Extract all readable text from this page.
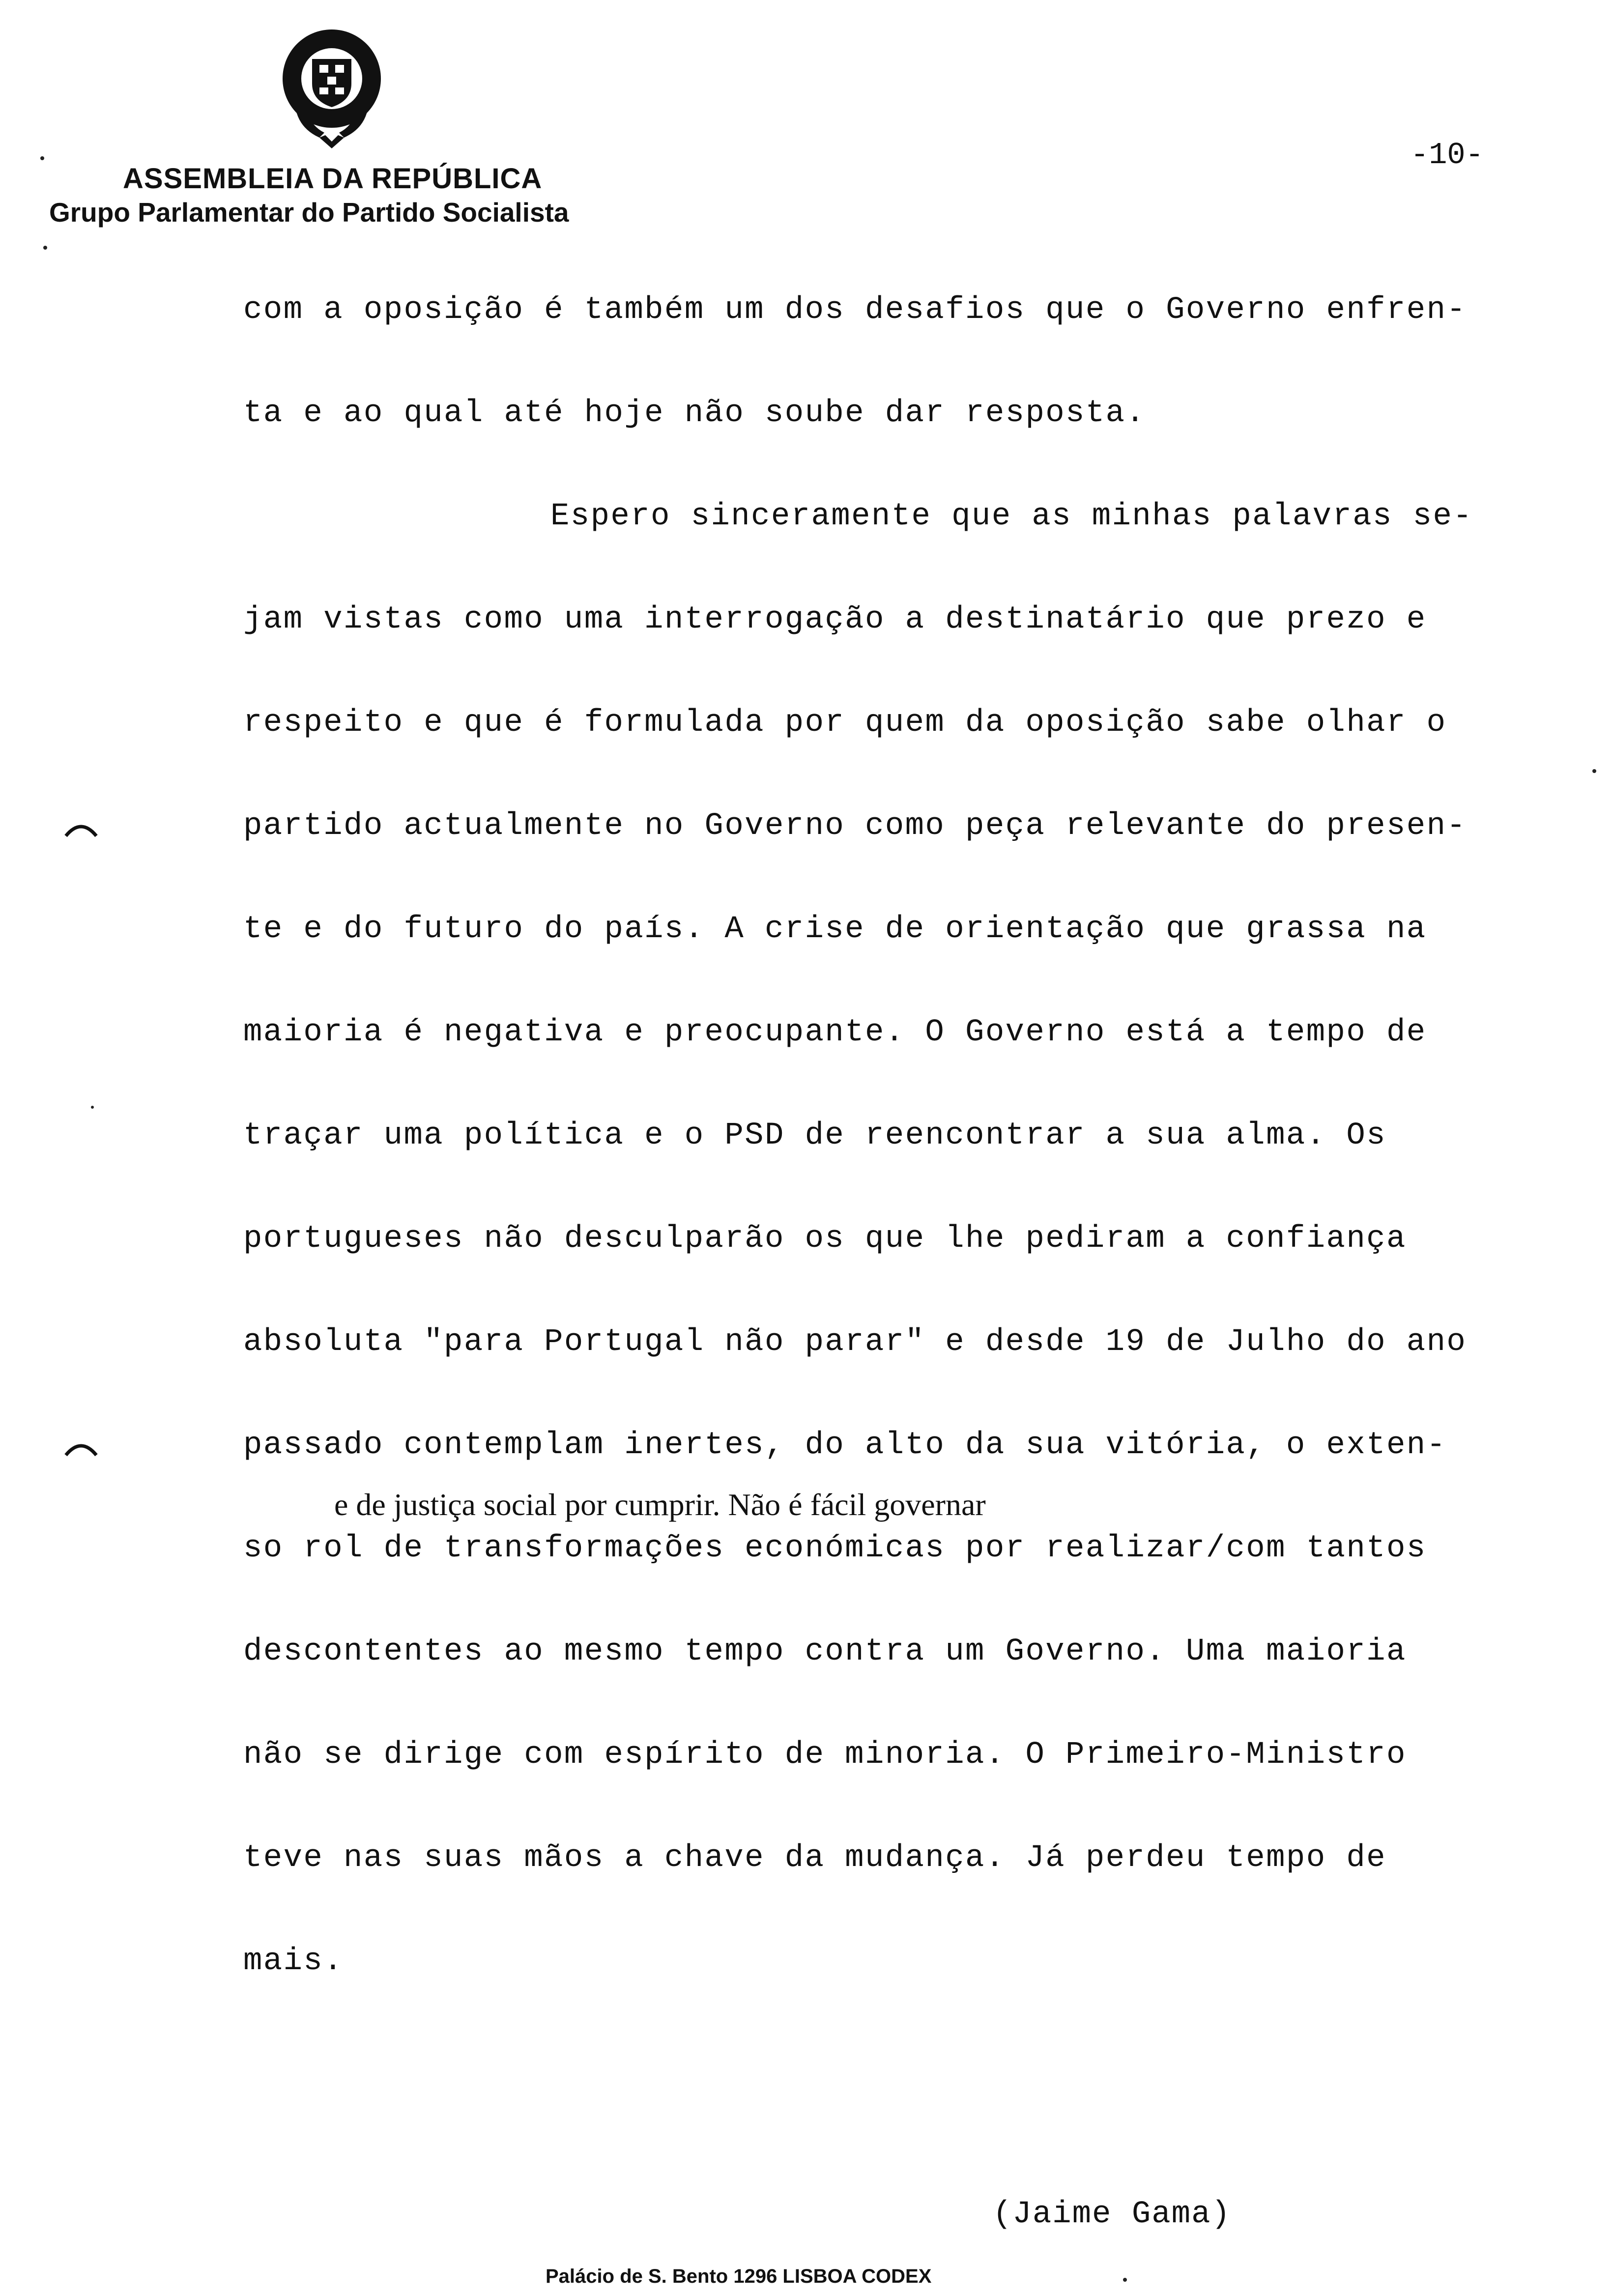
ASSEMBLEIA DA REPÚBLICA
Grupo Parlamentar do Partido Socialista
-10-
com a oposição é também um dos desafios que o Governo enfren-
ta e ao qual até hoje não soube dar resposta.
Espero sinceramente que as minhas palavras se-
jam vistas como uma interrogação a destinatário que prezo e
respeito e que é formulada por quem da oposição sabe olhar o
partido actualmente no Governo como peça relevante do presen-
te e do futuro do país. A crise de orientação que grassa na
maioria é negativa e preocupante. O Governo está a tempo de
traçar uma política e o PSD de reencontrar a sua alma. Os
portugueses não desculparão os que lhe pediram a confiança
absoluta "para Portugal não parar" e desde 19 de Julho do ano
passado contemplam inertes, do alto da sua vitória, o exten-
e de justiça social por cumprir. Não é fácil governar
so rol de transformações económicas por realizar/com tantos
descontentes ao mesmo tempo contra um Governo. Uma maioria
não se dirige com espírito de minoria. O Primeiro-Ministro
teve nas suas mãos a chave da mudança. Já perdeu tempo de
mais.
(Jaime Gama)
Palácio de S. Bento 1296 LISBOA CODEX
